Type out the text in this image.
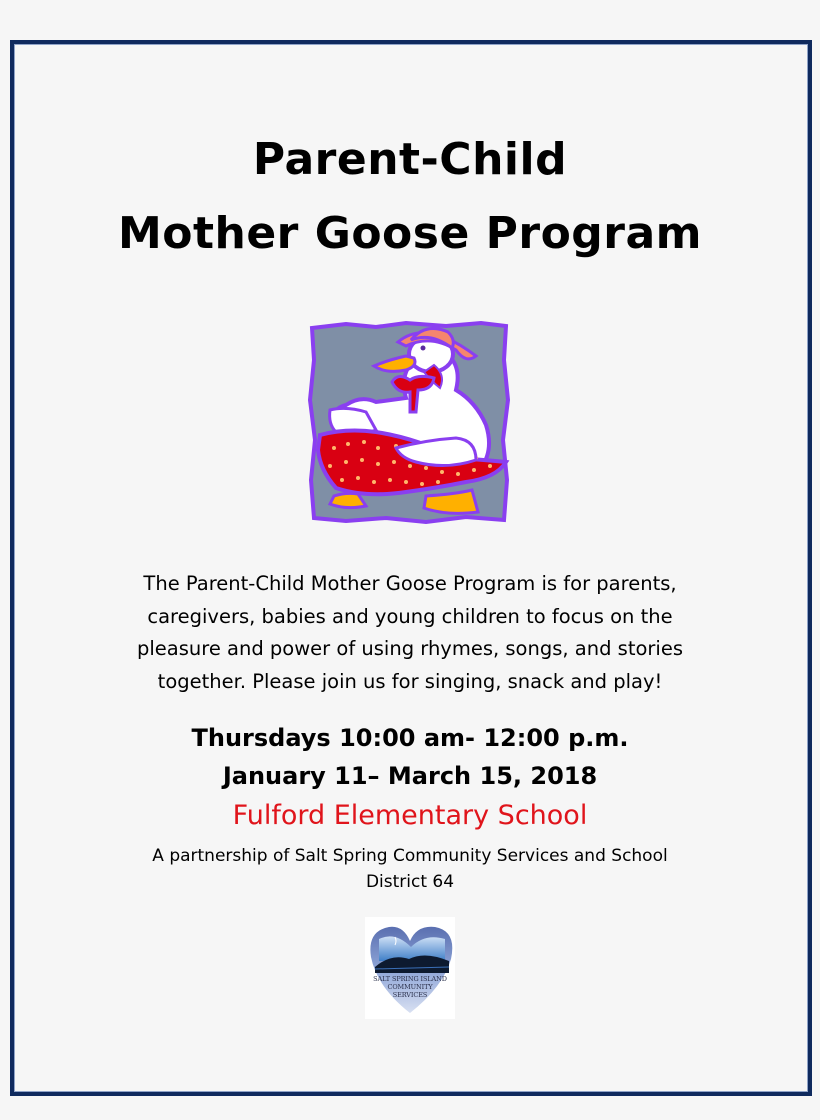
Parent-Child
Mother Goose Program
The Parent-Child Mother Goose Program is for parents,
caregivers, babies and young children to focus on the
pleasure and power of using rhymes, songs, and stories
together. Please join us for singing, snack and play!
Thursdays 10:00 am- 12:00 p.m.
January 11– March 15, 2018
Fulford Elementary School
A partnership of Salt Spring Community Services and School
District 64
SALT SPRING ISLAND
COMMUNITY
SERVICES
